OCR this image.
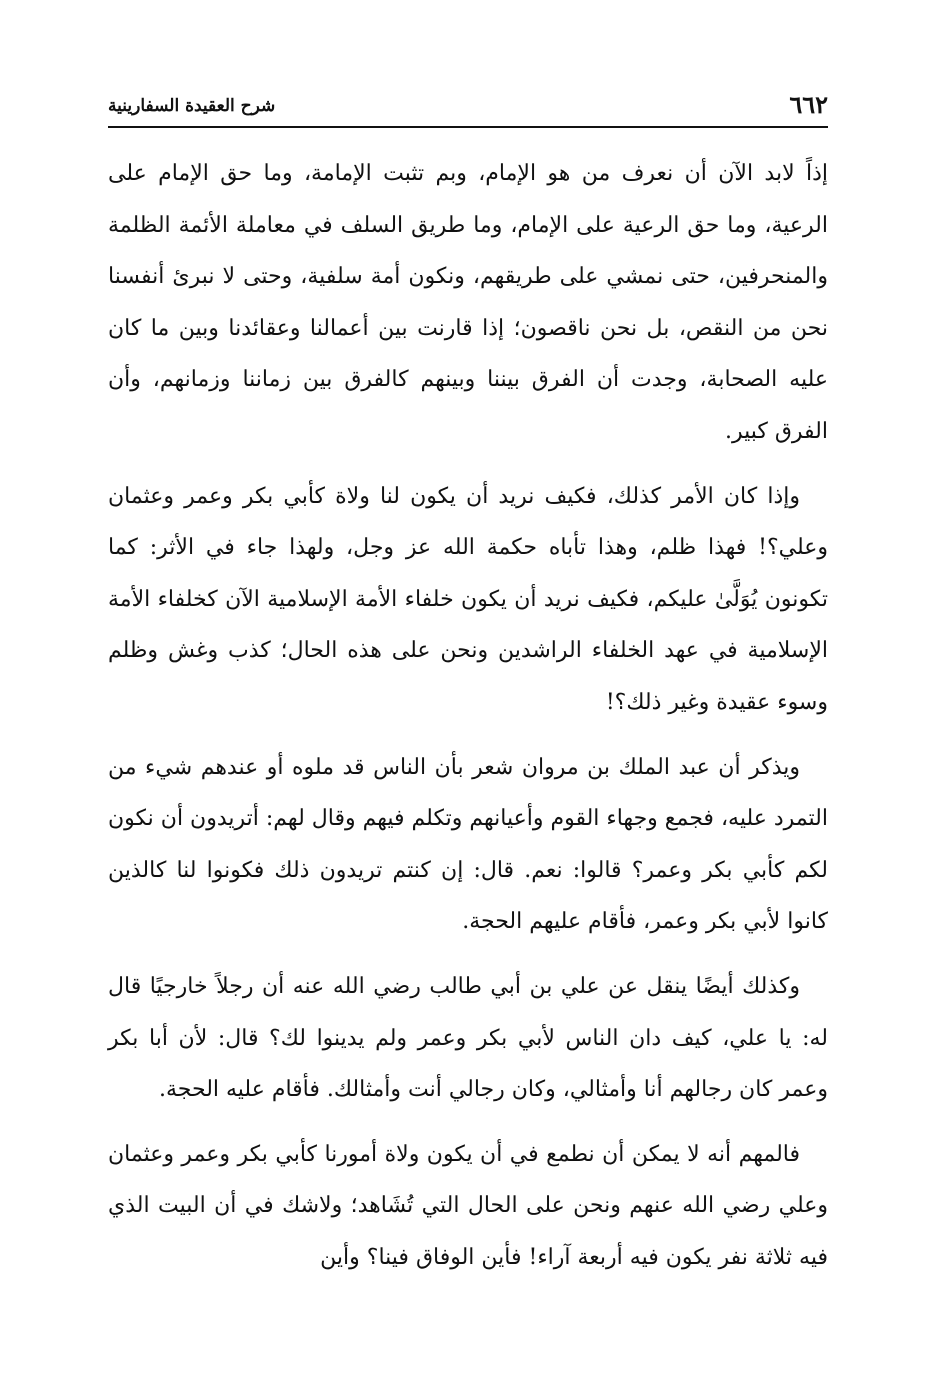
٦٦٢
شرح العقيدة السفارينية

إذاً لابد الآن أن نعرف من هو الإمام، وبم تثبت الإمامة، وما حق الإمام على الرعية، وما حق الرعية على الإمام، وما طريق السلف في معاملة الأئمة الظلمة والمنحرفين، حتى نمشي على طريقهم، ونكون أمة سلفية، وحتى لا نبرئ أنفسنا نحن من النقص، بل نحن ناقصون؛ إذا قارنت بين أعمالنا وعقائدنا وبين ما كان عليه الصحابة، وجدت أن الفرق بيننا وبينهم كالفرق بين زماننا وزمانهم، وأن الفرق كبير.

وإذا كان الأمر كذلك، فكيف نريد أن يكون لنا ولاة كأبي بكر وعمر وعثمان وعلي؟! فهذا ظلم، وهذا تأباه حكمة الله عز وجل، ولهذا جاء في الأثر: كما تكونون يُوَلَّىٰ عليكم، فكيف نريد أن يكون خلفاء الأمة الإسلامية الآن كخلفاء الأمة الإسلامية في عهد الخلفاء الراشدين ونحن على هذه الحال؛ كذب وغش وظلم وسوء عقيدة وغير ذلك؟!

ويذكر أن عبد الملك بن مروان شعر بأن الناس قد ملوه أو عندهم شيء من التمرد عليه، فجمع وجهاء القوم وأعيانهم وتكلم فيهم وقال لهم: أتريدون أن نكون لكم كأبي بكر وعمر؟ قالوا: نعم. قال: إن كنتم تريدون ذلك فكونوا لنا كالذين كانوا لأبي بكر وعمر، فأقام عليهم الحجة.

وكذلك أيضًا ينقل عن علي بن أبي طالب رضي الله عنه أن رجلاً خارجيًا قال له: يا علي، كيف دان الناس لأبي بكر وعمر ولم يدينوا لك؟ قال: لأن أبا بكر وعمر كان رجالهم أنا وأمثالي، وكان رجالي أنت وأمثالك. فأقام عليه الحجة.

فالمهم أنه لا يمكن أن نطمع في أن يكون ولاة أمورنا كأبي بكر وعمر وعثمان وعلي رضي الله عنهم ونحن على الحال التي تُشَاهد؛ ولاشك في أن البيت الذي فيه ثلاثة نفر يكون فيه أربعة آراء! فأين الوفاق فينا؟ وأين
